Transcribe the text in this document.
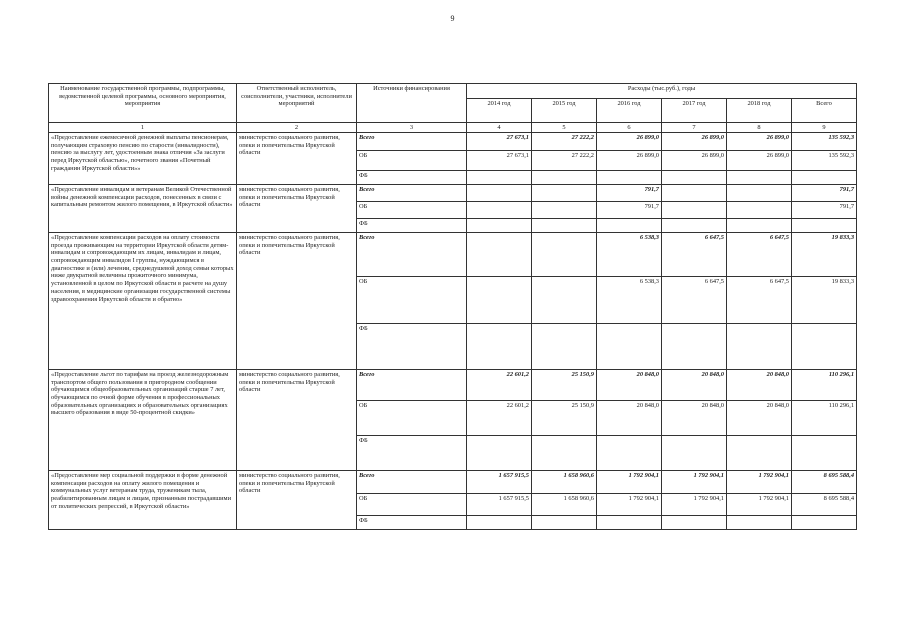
9
Наименование государственной программы, подпрограммы, ведомственной целевой программы, основного мероприятия, мероприятия	Ответственный исполнитель, соисполнители, участники, исполнители мероприятий	Источники финансирования	Расходы (тыс.руб.), годы					
			2014 год	2015 год	2016 год	2017 год	2018 год	Всего
1	2	3	4	5	6	7	8	9
«Предоставление ежемесячной денежной выплаты пенсионерам, получающим страховую пенсию по старости (инвалидности), пенсию за выслугу лет, удостоенным знака отличия «За заслуги перед Иркутской областью», почетного звания «Почетный гражданин Иркутской области»»	министерство социального развития, опеки и попечительства Иркутской области	Всего	27 673,1	27 222,2	26 899,0	26 899,0	26 899,0	135 592,3
		ОБ	27 673,1	27 222,2	26 899,0	26 899,0	26 899,0	135 592,3
		ФБ						
«Предоставление инвалидам и ветеранам Великой Отечественной войны денежной компенсации расходов, понесенных в связи с капитальным ремонтом жилого помещения, в Иркутской области»	министерство социального развития, опеки и попечительства Иркутской области	Всего			791,7			791,7
		ОБ			791,7			791,7
		ФБ						
«Предоставление компенсации расходов на оплату стоимости проезда проживающим на территории Иркутской области детям-инвалидам и сопровождающим их лицам, инвалидам и лицам, сопровождающим инвалидов I группы, нуждающимся в диагностике и (или) лечении, среднедушевой доход семьи которых ниже двукратной величины прожиточного минимума, установленной в целом по Иркутской области в расчете на душу населения, в медицинские организации государственной системы здравоохранения Иркутской области и обратно»	министерство социального развития, опеки и попечительства Иркутской области	Всего			6 538,3	6 647,5	6 647,5	19 833,3
		ОБ			6 538,3	6 647,5	6 647,5	19 833,3
		ФБ						
«Предоставление льгот по тарифам на проезд железнодорожным транспортом общего пользования в пригородном сообщении обучающимся общеобразовательных организаций старше 7 лет, обучающимся по очной форме обучения в профессиональных образовательных организациях и образовательных организациях высшего образования в виде 50-процентной скидки»	министерство социального развития, опеки и попечительства Иркутской области	Всего	22 601,2	25 150,9	20 848,0	20 848,0	20 848,0	110 296,1
		ОБ	22 601,2	25 150,9	20 848,0	20 848,0	20 848,0	110 296,1
		ФБ						
«Предоставление мер социальной поддержки в форме денежной компенсации расходов на оплату жилого помещения и коммунальных услуг ветеранам труда, труженикам тыла, реабилитированным лицам и лицам, признанным пострадавшими от политических репрессий, в Иркутской области»	министерство социального развития, опеки и попечительства Иркутской области	Всего	1 657 915,5	1 658 960,6	1 792 904,1	1 792 904,1	1 792 904,1	8 695 588,4
		ОБ	1 657 915,5	1 658 960,6	1 792 904,1	1 792 904,1	1 792 904,1	8 695 588,4
		ФБ						
